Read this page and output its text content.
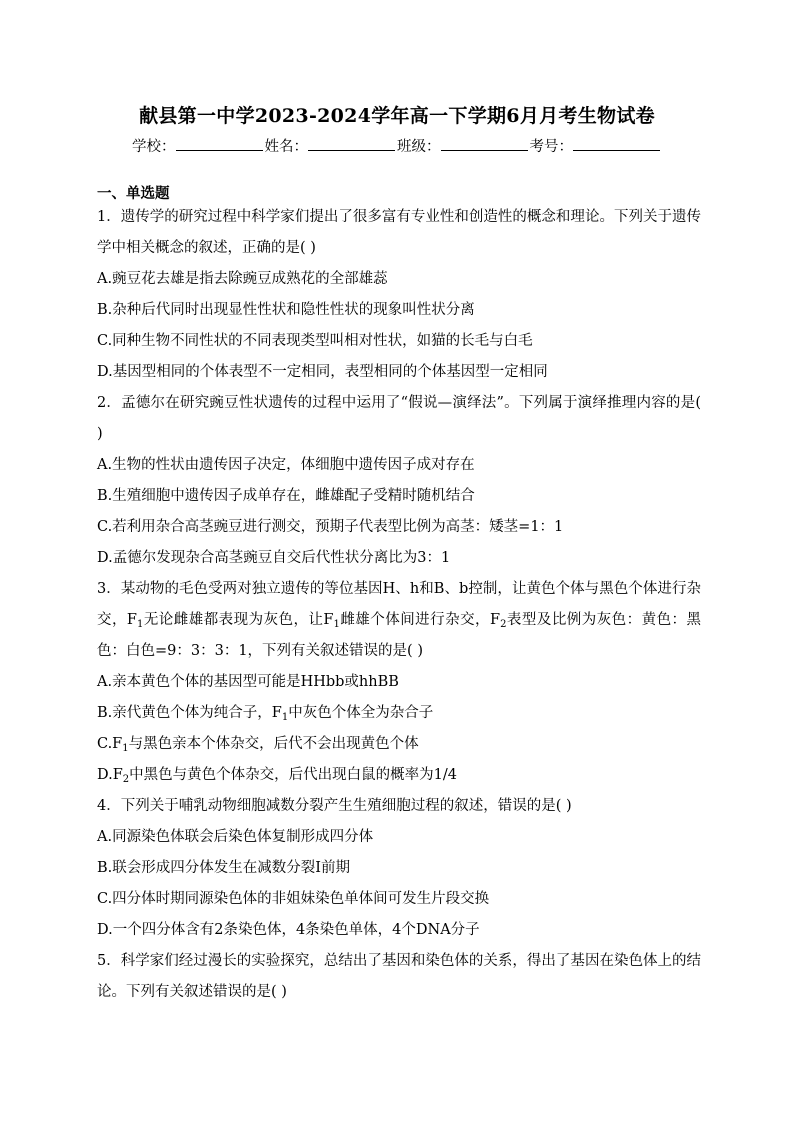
献县第一中学2023-2024学年高一下学期6月月考生物试卷
学校：	姓名：	班级：	考号：
一、单选题

1．遗传学的研究过程中科学家们提出了很多富有专业性和创造性的概念和理论。下列关于遗传学中相关概念的叙述，正确的是( )

A.豌豆花去雄是指去除豌豆成熟花的全部雄蕊

B.杂种后代同时出现显性性状和隐性性状的现象叫性状分离

C.同种生物不同性状的不同表现类型叫相对性状，如猫的长毛与白毛

D.基因型相同的个体表型不一定相同，表型相同的个体基因型一定相同

2．孟德尔在研究豌豆性状遗传的过程中运用了“假说—演绎法”。下列属于演绎推理内容的是( )

A.生物的性状由遗传因子决定，体细胞中遗传因子成对存在

B.生殖细胞中遗传因子成单存在，雌雄配子受精时随机结合

C.若利用杂合高茎豌豆进行测交，预期子代表型比例为高茎：矮茎=1：1

D.孟德尔发现杂合高茎豌豆自交后代性状分离比为3：1

3．某动物的毛色受两对独立遗传的等位基因H、h和B、b控制，让黄色个体与黑色个体进行杂交，$F_1$无论雌雄都表现为灰色，让$F_1$雌雄个体间进行杂交，$F_2$表型及比例为灰色：黄色：黑色：白色=9：3：3：1，下列有关叙述错误的是( )

A.亲本黄色个体的基因型可能是HHbb或hhBB

B.亲代黄色个体为纯合子，$F_1$中灰色个体全为杂合子

$C.F_1$与黑色亲本个体杂交，后代不会出现黄色个体

$D.F_2$中黑色与黄色个体杂交，后代出现白鼠的概率为1/4

4．下列关于哺乳动物细胞减数分裂产生生殖细胞过程的叙述，错误的是( )

A.同源染色体联会后染色体复制形成四分体

B.联会形成四分体发生在减数分裂Ⅰ前期

C.四分体时期同源染色体的非姐妹染色单体间可发生片段交换

D.一个四分体含有2条染色体，4条染色单体，4个DNA分子

5．科学家们经过漫长的实验探究，总结出了基因和染色体的关系，得出了基因在染色体上的结论。下列有关叙述错误的是( )
